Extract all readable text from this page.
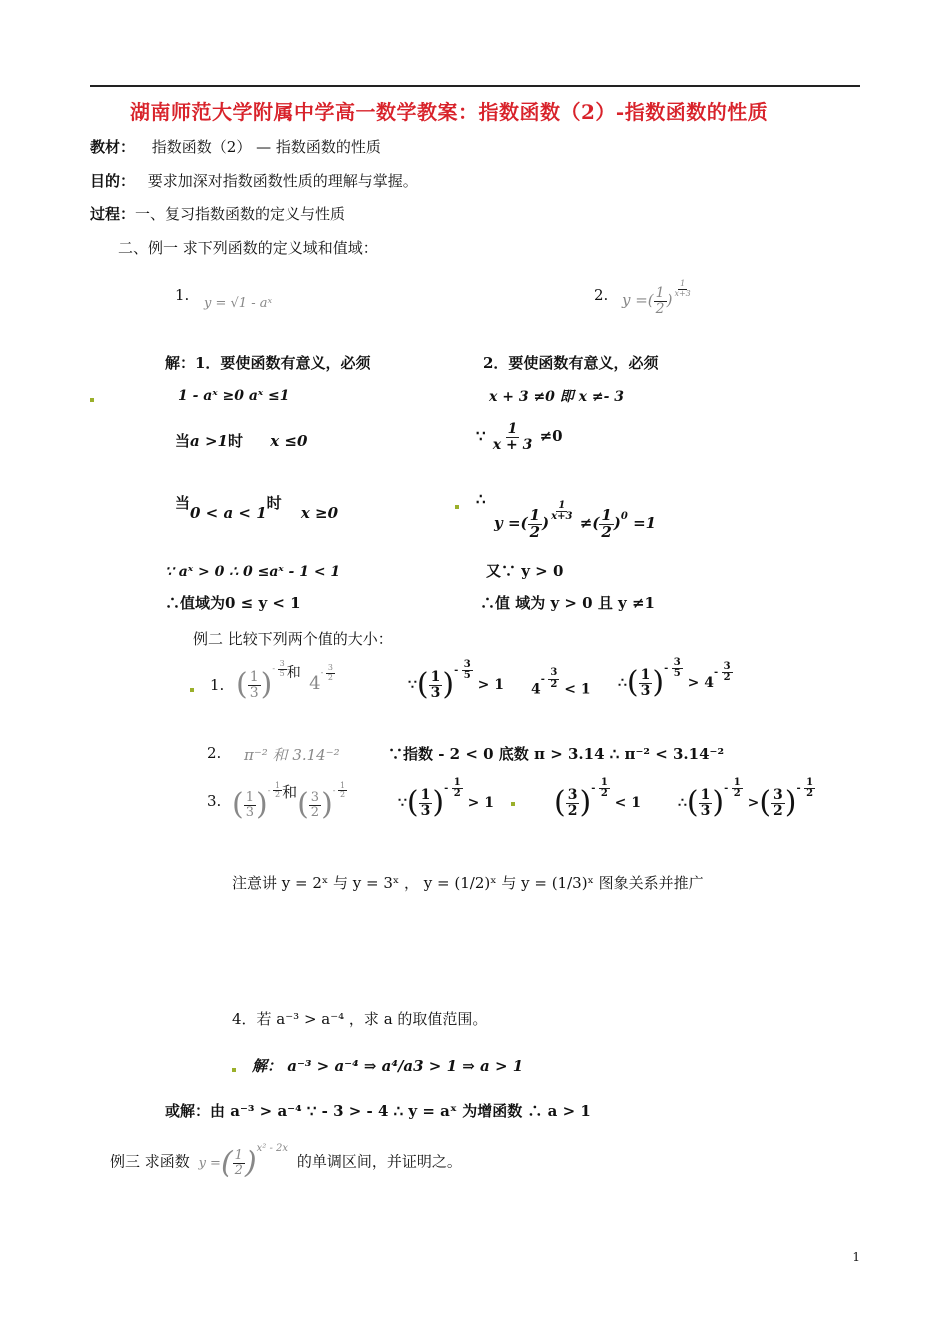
湖南师范大学附属中学高一数学教案：指数函数（2）-指数函数的性质
教材： 指数函数（2） — 指数函数的性质
目的： 要求加深对指数函数性质的理解与掌握。
过程：一、复习指数函数的定义与性质
二、例一 求下列函数的定义域和值域：
1. y = √1 - aˣ	2. y =( $\frac{1}{2}$ )
$^{\frac{1}{x+3}}$
解：1．要使函数有意义，必须	2．要使函数有意义，必须
1 - aˣ ≥0 aˣ ≤1	x + 3 ≠0 即 x ≠- 3
当a >1时 x ≤0	∵ $\frac{1}{x + 3} \ne 0$
当0 < a < 1时 x ≥0
∴
y =( $\frac{1}{2}$ )
$^{\frac{1}{x+3}}$
≠( $\frac{1}{2} )^0 =1$
∵ aˣ > 0 ∴ 0 ≤aˣ - 1 < 1	又∵ y > 0
∴值域为0 ≤ y < 1	∴值 域为 y > 0 且 y ≠1
例二 比较下列两个值的大小：
1. ( $\frac{1}{3} )^{- \frac{3}{5}}$ 和 $4^{- \frac{3}{2}}$
∵( $\frac{1}{3} )^{- \frac{3}{5}}$
> 1 $4^{- \frac{3}{2}} < 1$ ∴( $\frac{1}{3} )^{- \frac{3}{5}}$
> $4^{- \frac{3}{2}}$
2. π⁻² 和 3.14⁻²	∵指数 - 2 < 0 底数 π > 3.14 ∴ π⁻² < 3.14⁻²
3. ( $\frac{1}{3} )^{- \frac{1}{2}}$ 和( $\frac{3}{2} )^{- \frac{1}{2}}$
∵( $\frac{1}{3} )^{- \frac{1}{2}}$
> 1 ( $\frac{3}{2} )^{- \frac{1}{2}}$
< 1	∴( $\frac{1}{3} )^{- \frac{1}{2}}$
>( $\frac{3}{2} )^{- \frac{1}{2}}$
注意讲 y = 2ˣ 与 y = 3ˣ ， y = (1/2)ˣ 与 y = (1/3)ˣ 图象关系并推广
4．若 a⁻³ > a⁻⁴ ，求 a 的取值范围。
解： a⁻³ > a⁻⁴ ⇒ a⁴/a3 > 1 ⇒ a > 1
或解：由 a⁻³ > a⁻⁴ ∵ - 3 > - 4 ∴ y = aˣ 为增函数 ∴ a > 1
例三 求函数 y =( $\frac{1}{2} )^{x^2 - 2x}$ 的单调区间，并证明之。
1
